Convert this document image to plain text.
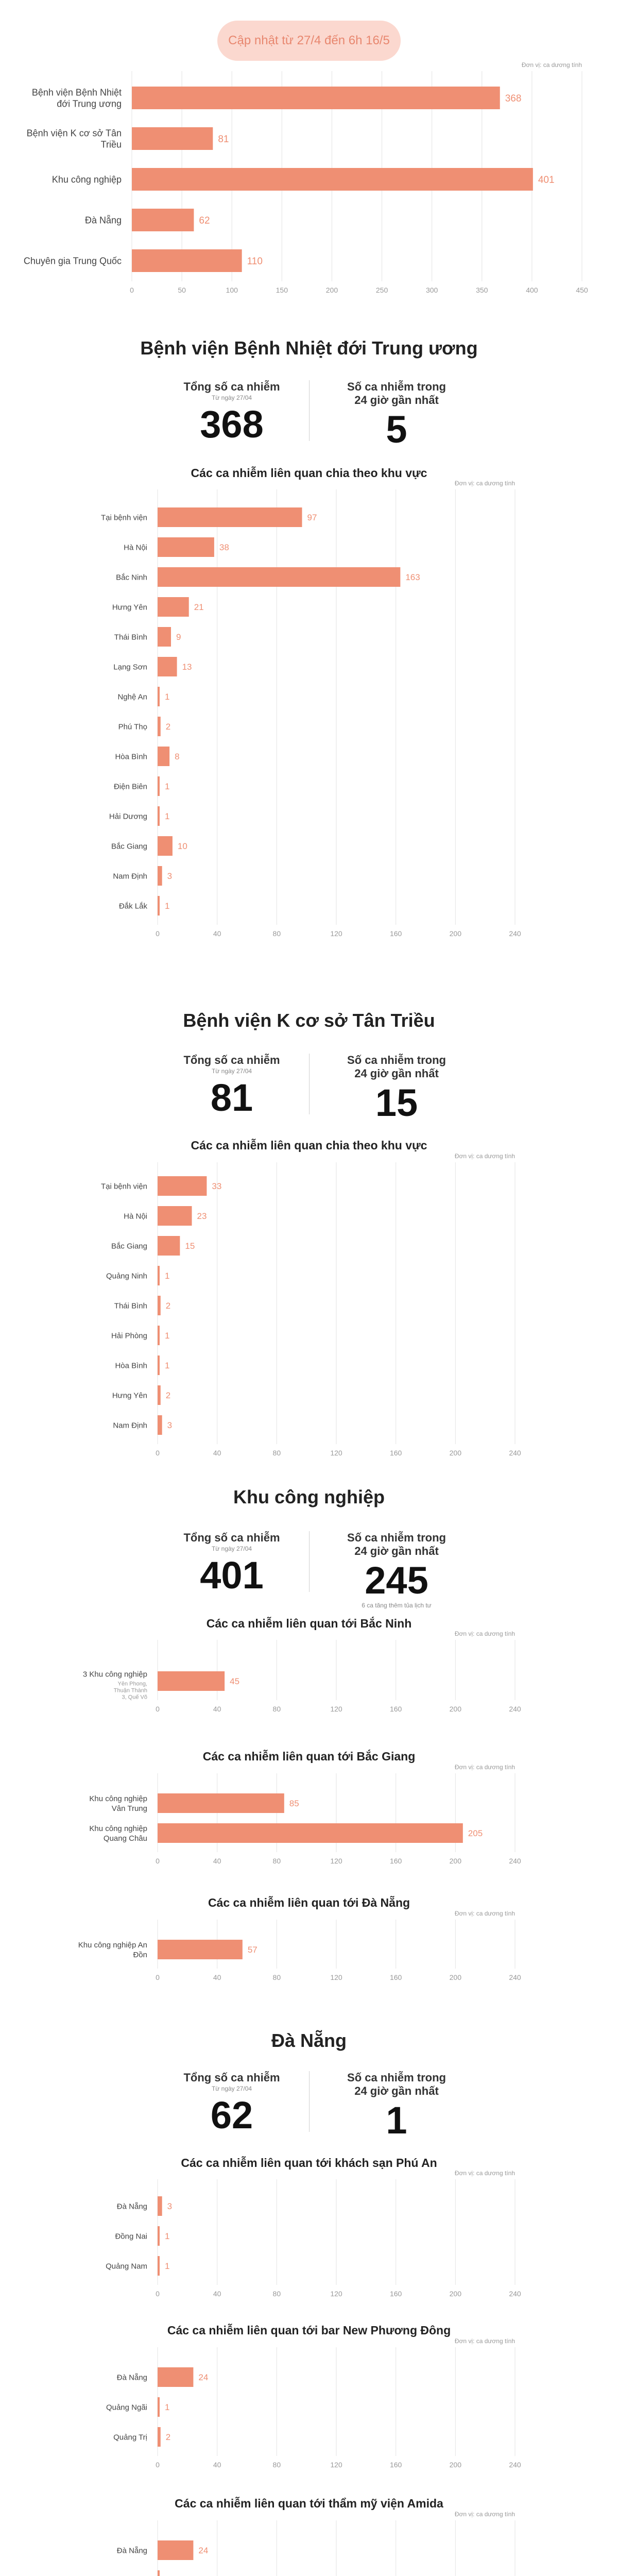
Cập nhật từ 27/4 đến 6h 16/5
Đơn vị: ca dương tính
0	50	100	150	200	250	300	350	400	450
Bệnh viện Bệnh Nhiệt đới Trung ương	368
Bệnh viện K cơ sở Tân Triều	81
Khu công nghiệp	401
Đà Nẵng	62
Chuyên gia Trung Quốc	110
Bệnh viện Bệnh Nhiệt đới Trung ương
Tổng số ca nhiễm
Từ ngày 27/04
368
Số ca nhiễm trong 24 giờ gần nhất
5
Các ca nhiễm liên quan chia theo khu vực
Đơn vị: ca dương tính
0	40	80	120	160	200	240
Tại bệnh viện	97
Hà Nội	38
Bắc Ninh	163
Hưng Yên	21
Thái Bình	9
Lạng Sơn	13
Nghệ An 1
Phú Thọ 2
Hòa Bình	8
Điện Biên 1
Hải Dương 1
Bắc Giang	10
Nam Định 3
Đắk Lắk 1
Bệnh viện K cơ sở Tân Triều
Tổng số ca nhiễm
Từ ngày 27/04
81
Số ca nhiễm trong 24 giờ gần nhất
15
Các ca nhiễm liên quan chia theo khu vực
Đơn vị: ca dương tính
0	40	80	120	160	200	240
Tại bệnh viện	33
Hà Nội	23
Bắc Giang	15
Quảng Ninh 1
Thái Bình 2
Hải Phòng 1
Hòa Bình 1
Hưng Yên 2
Nam Định 3
Khu công nghiệp
Tổng số ca nhiễm
Từ ngày 27/04
401
Số ca nhiễm trong 24 giờ gần nhất
245
6 ca tăng thêm tủa lịch tư
Các ca nhiễm liên quan tới Bắc Ninh
Đơn vị: ca dương tính
0	40	80	120	160	200	240
3 Khu công nghiệp
Yên Phong, Thuận Thành 3, Quế Võ
45
Các ca nhiễm liên quan tới Bắc Giang
Đơn vị: ca dương tính
0	40	80	120	160	200	240
Khu công nghiệp Vân Trung
85
Khu công nghiệp Quang Châu
205
Các ca nhiễm liên quan tới Đà Nẵng
Đơn vị: ca dương tính
0	40	80	120	160	200	240
Khu công nghiệp An Đồn
57
Đà Nẵng
Tổng số ca nhiễm
Từ ngày 27/04
62
Số ca nhiễm trong 24 giờ gần nhất
1
Các ca nhiễm liên quan tới khách sạn Phú An
Đơn vị: ca dương tính
0	40	80	120	160	200	240
Đà Nẵng 3
Đồng Nai 1
Quảng Nam 1
Các ca nhiễm liên quan tới bar New Phương Đông
Đơn vị: ca dương tính
0	40	80	120	160	200	240
Đà Nẵng	24
Quảng Ngãi 1
Quảng Trị 2
Các ca nhiễm liên quan tới thẩm mỹ viện Amida
Đơn vị: ca dương tính
Đà Nẵng	24
